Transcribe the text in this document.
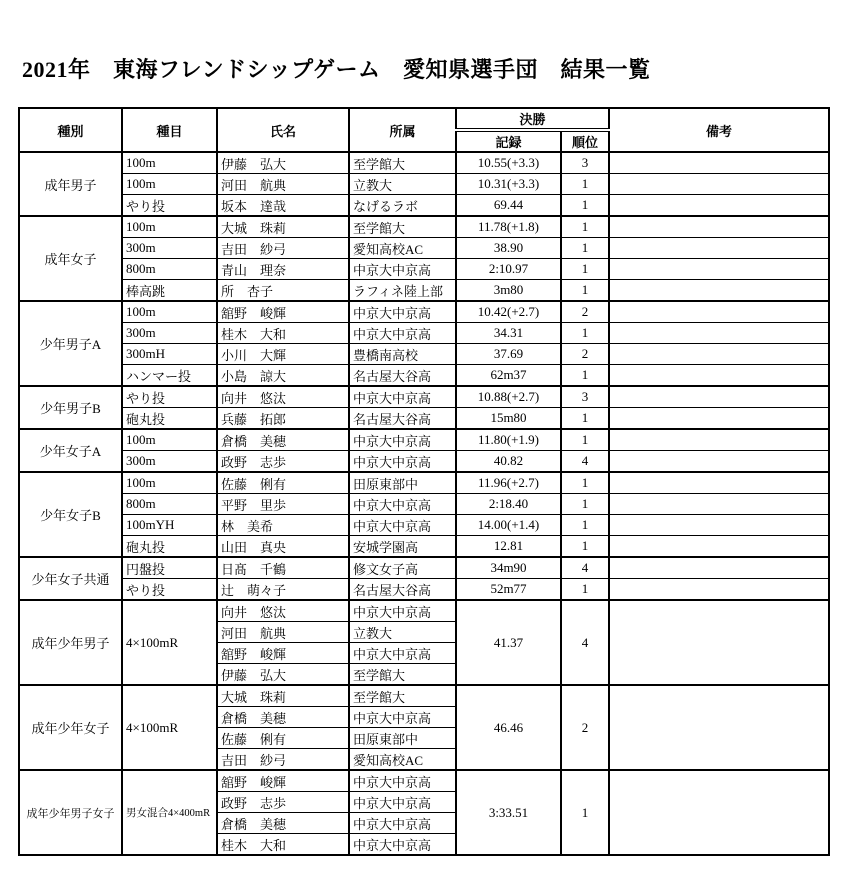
2021年　東海フレンドシップゲーム　愛知県選手団　結果一覧
種別	種目	氏名	所属	決勝		備考
				記録	順位	
成年男子	100m	伊藤　弘大	至学館大	10.55(+3.3)	3	
	100m	河田　航典	立教大	10.31(+3.3)	1	
	やり投	坂本　達哉	なげるラボ	69.44	1	
成年女子	100m	大城　珠莉	至学館大	11.78(+1.8)	1	
	300m	吉田　紗弓	愛知高校AC	38.90	1	
	800m	青山　理奈	中京大中京高	2:10.97	1	
	棒高跳	所　杏子	ラフィネ陸上部	3m80	1	
少年男子A	100m	舘野　峻輝	中京大中京高	10.42(+2.7)	2	
	300m	桂木　大和	中京大中京高	34.31	1	
	300mH	小川　大輝	豊橋南高校	37.69	2	
	ハンマー投	小島　諒大	名古屋大谷高	62m37	1	
少年男子B	やり投	向井　悠汰	中京大中京高	10.88(+2.7)	3	
	砲丸投	兵藤　拓郎	名古屋大谷高	15m80	1	
少年女子A	100m	倉橋　美穂	中京大中京高	11.80(+1.9)	1	
	300m	政野　志歩	中京大中京高	40.82	4	
少年女子B	100m	佐藤　俐有	田原東部中	11.96(+2.7)	1	
	800m	平野　里歩	中京大中京高	2:18.40	1	
	100mYH	林　美希	中京大中京高	14.00(+1.4)	1	
	砲丸投	山田　真央	安城学園高	12.81	1	
少年女子共通	円盤投	日髙　千鶴	修文女子高	34m90	4	
	やり投	辻　萌々子	名古屋大谷高	52m77	1	
成年少年男子	4×100mR	向井　悠汰	中京大中京高	41.37	4	
		河田　航典	立教大			
		舘野　峻輝	中京大中京高			
		伊藤　弘大	至学館大			
成年少年女子	4×100mR	大城　珠莉	至学館大	46.46	2	
		倉橋　美穂	中京大中京高			
		佐藤　俐有	田原東部中			
		吉田　紗弓	愛知高校AC			
成年少年男子女子	男女混合4×400mR	舘野　峻輝	中京大中京高	3:33.51	1	
		政野　志歩	中京大中京高			
		倉橋　美穂	中京大中京高			
		桂木　大和	中京大中京高			
